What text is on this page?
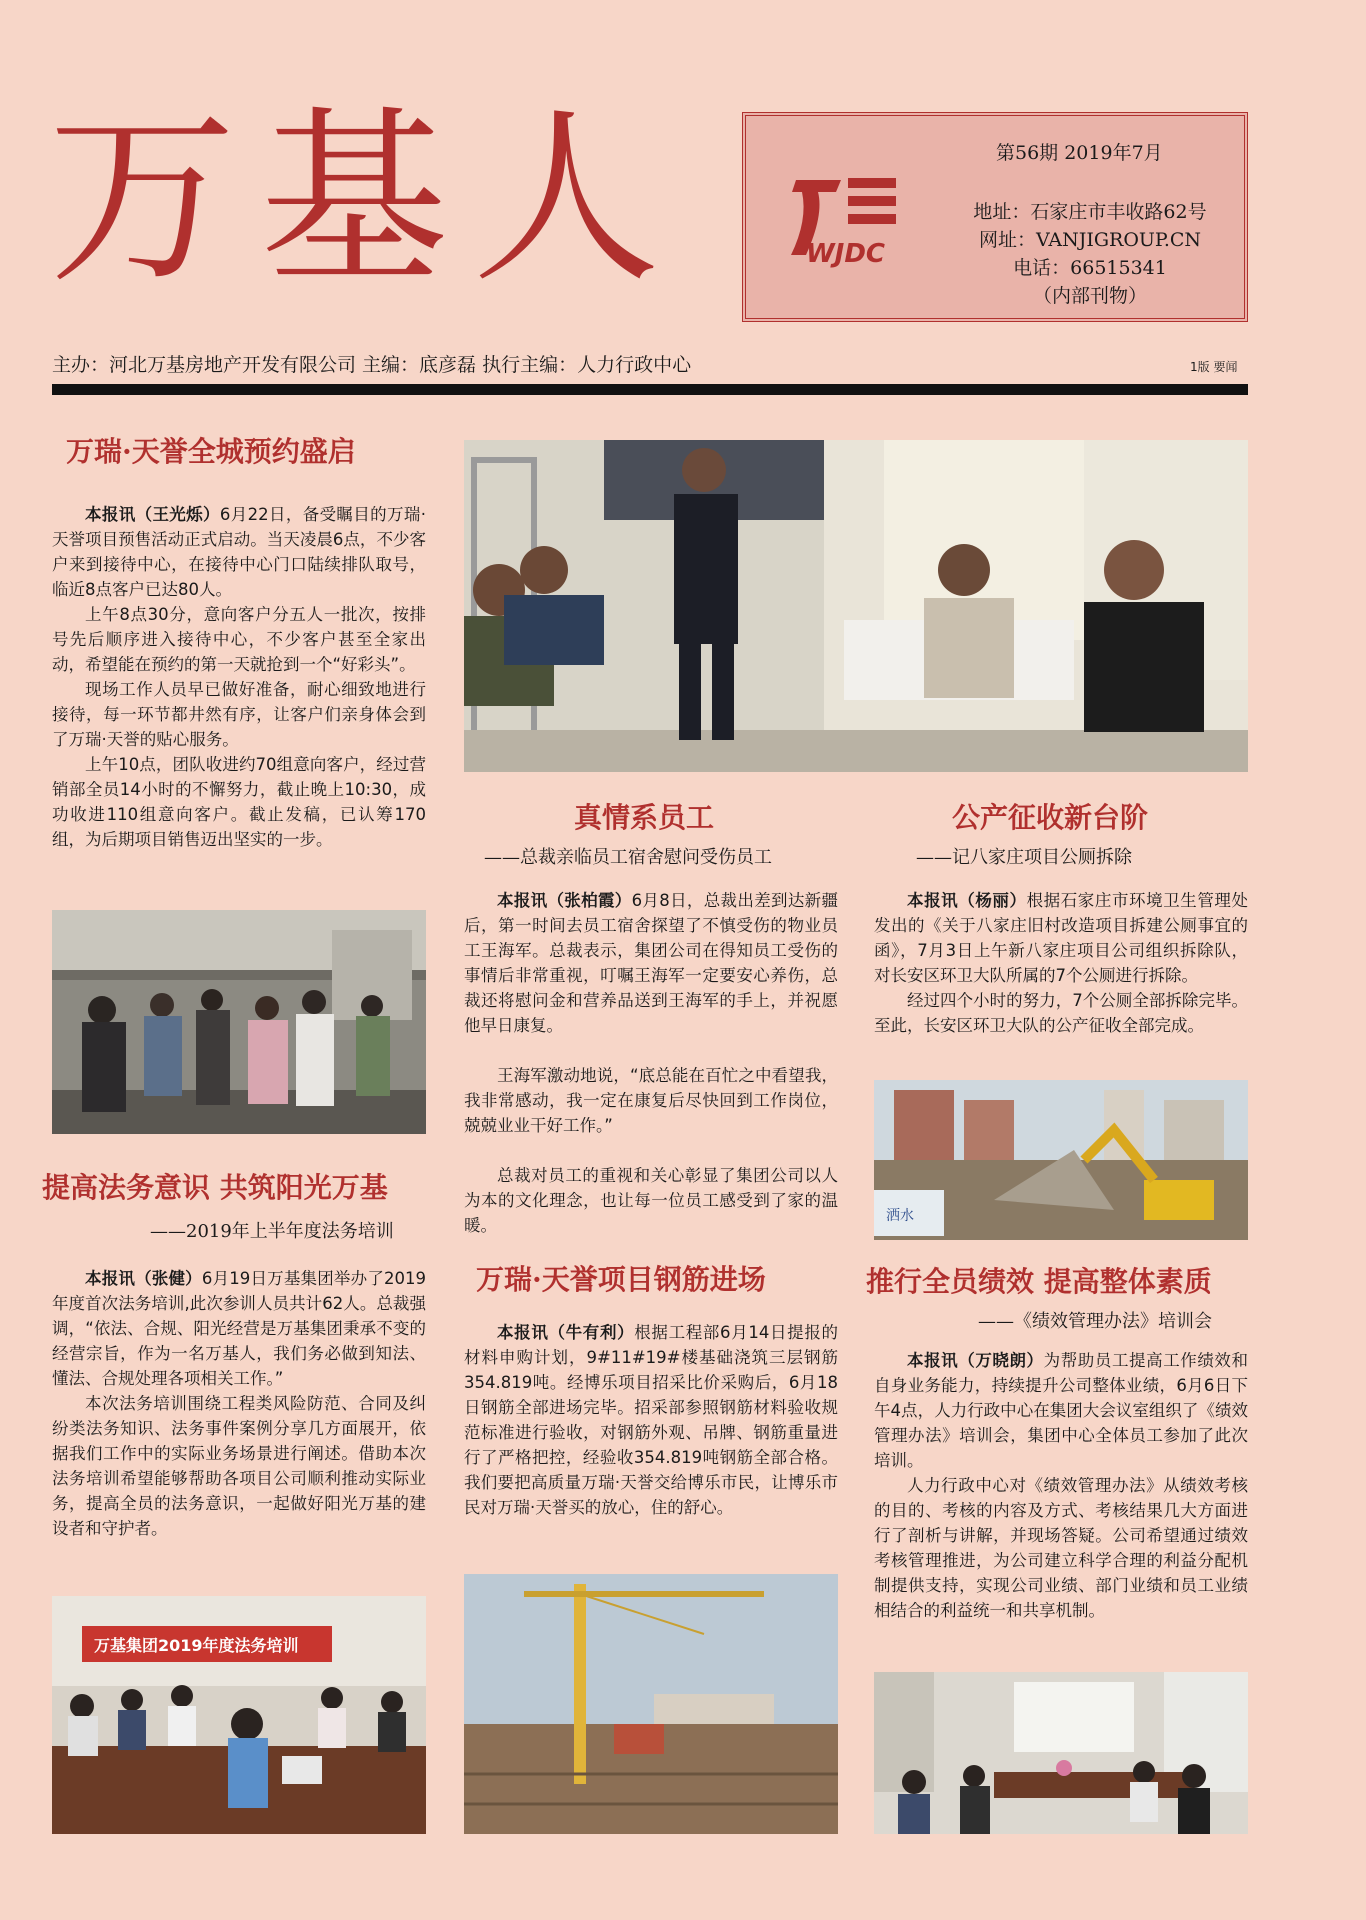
万基人	WJDC
第56期 2019年7月
地址：石家庄市丰收路62号
网址：VANJIGROUP.CN
电话：66515341
（内部刊物）
主办：河北万基房地产开发有限公司 主编：底彦磊 执行主编：人力行政中心	1版 要闻
万瑞·天誉全城预约盛启

本报讯（王光烁）6月22日，备受瞩目的万瑞·天誉项目预售活动正式启动。当天凌晨6点，不少客户来到接待中心，在接待中心门口陆续排队取号，临近8点客户已达80人。

上午8点30分，意向客户分五人一批次，按排号先后顺序进入接待中心，不少客户甚至全家出动，希望能在预约的第一天就抢到一个“好彩头”。

现场工作人员早已做好准备，耐心细致地进行接待，每一环节都井然有序，让客户们亲身体会到了万瑞·天誉的贴心服务。

上午10点，团队收进约70组意向客户，经过营销部全员14小时的不懈努力，截止晚上10:30，成功收进110组意向客户。截止发稿，已认筹170组，为后期项目销售迈出坚实的一步。

提高法务意识 共筑阳光万基
——2019年上半年度法务培训

本报讯（张健）6月19日万基集团举办了2019年度首次法务培训,此次参训人员共计62人。总裁强调，“依法、合规、阳光经营是万基集团秉承不变的经营宗旨，作为一名万基人，我们务必做到知法、懂法、合规处理各项相关工作。”

本次法务培训围绕工程类风险防范、合同及纠纷类法务知识、法务事件案例分享几方面展开，依据我们工作中的实际业务场景进行阐述。借助本次法务培训希望能够帮助各项目公司顺利推动实际业务，提高全员的法务意识，一起做好阳光万基的建设者和守护者。

万基集团2019年度法务培训
真情系员工
——总裁亲临员工宿舍慰问受伤员工

本报讯（张柏霞）6月8日，总裁出差到达新疆后，第一时间去员工宿舍探望了不慎受伤的物业员工王海军。总裁表示，集团公司在得知员工受伤的事情后非常重视，叮嘱王海军一定要安心养伤，总裁还将慰问金和营养品送到王海军的手上，并祝愿他早日康复。

王海军激动地说，“底总能在百忙之中看望我，我非常感动，我一定在康复后尽快回到工作岗位，兢兢业业干好工作。”

总裁对员工的重视和关心彰显了集团公司以人为本的文化理念，也让每一位员工感受到了家的温暖。

公产征收新台阶
——记八家庄项目公厕拆除

本报讯（杨丽）根据石家庄市环境卫生管理处发出的《关于八家庄旧村改造项目拆建公厕事宜的函》，7月3日上午新八家庄项目公司组织拆除队，对长安区环卫大队所属的7个公厕进行拆除。

经过四个小时的努力，7个公厕全部拆除完毕。至此，长安区环卫大队的公产征收全部完成。

洒水
万瑞·天誉项目钢筋进场

本报讯（牛有利）根据工程部6月14日提报的材料申购计划，9#11#19#楼基础浇筑三层钢筋354.819吨。经博乐项目招采比价采购后，6月18日钢筋全部进场完毕。招采部参照钢筋材料验收规范标准进行验收，对钢筋外观、吊牌、钢筋重量进行了严格把控，经验收354.819吨钢筋全部合格。我们要把高质量万瑞·天誉交给博乐市民，让博乐市民对万瑞·天誉买的放心，住的舒心。

推行全员绩效 提高整体素质
——《绩效管理办法》培训会

本报讯（万晓朗）为帮助员工提高工作绩效和自身业务能力，持续提升公司整体业绩，6月6日下午4点，人力行政中心在集团大会议室组织了《绩效管理办法》培训会，集团中心全体员工参加了此次培训。

人力行政中心对《绩效管理办法》从绩效考核的目的、考核的内容及方式、考核结果几大方面进行了剖析与讲解，并现场答疑。公司希望通过绩效考核管理推进，为公司建立科学合理的利益分配机制提供支持，实现公司业绩、部门业绩和员工业绩相结合的利益统一和共享机制。
